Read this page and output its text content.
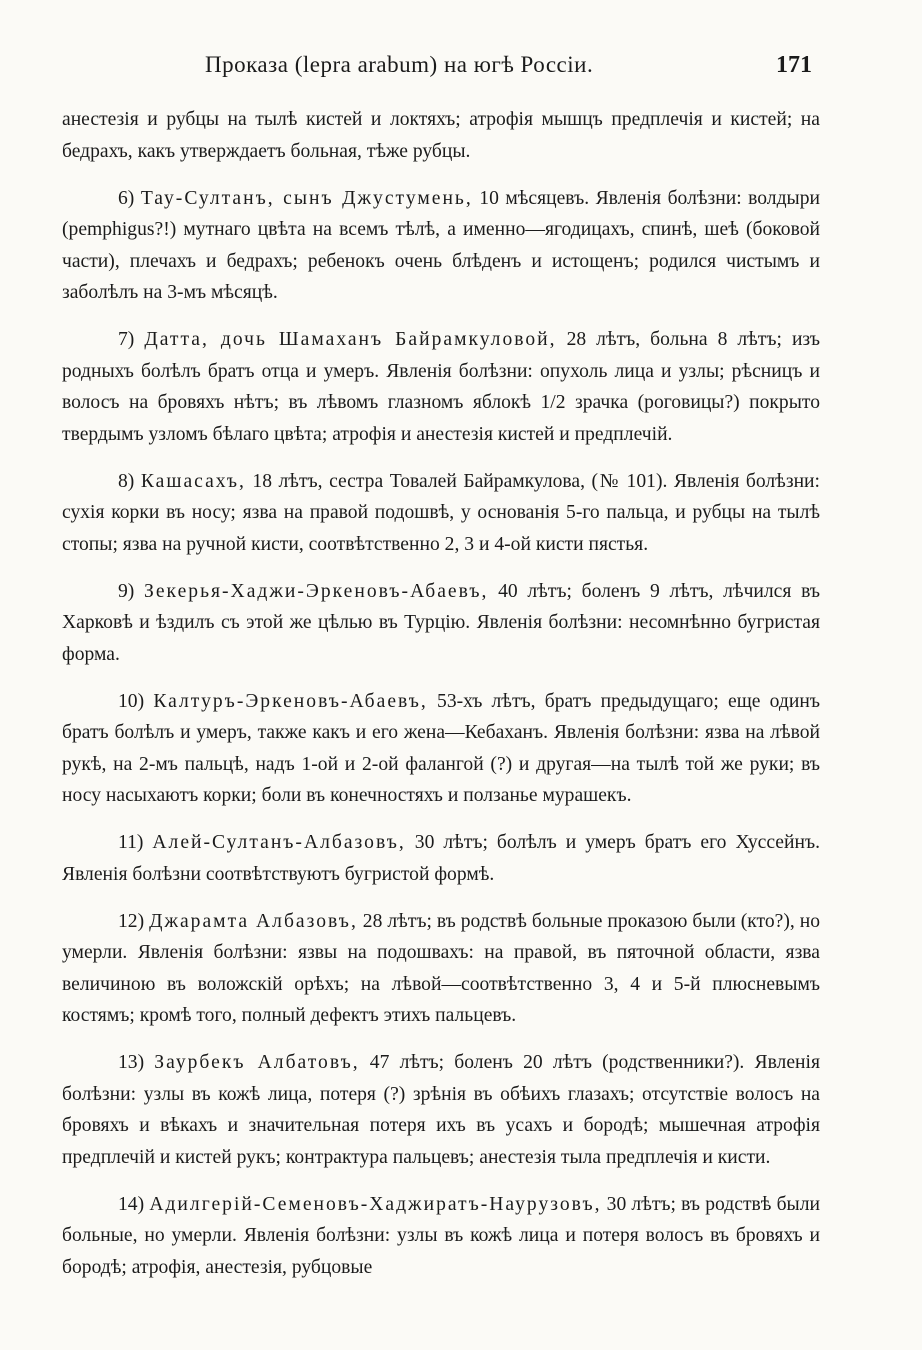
Проказа (lepra arabum) на югѣ Россіи.	171

анестезія и рубцы на тылѣ кистей и локтяхъ; атрофія мышцъ предплечія и кистей; на бедрахъ, какъ утверждаетъ больная, тѣже рубцы.

6) Тау-Султанъ, сынъ Джустумень, 10 мѣсяцевъ. Явленія болѣзни: волдыри (pemphigus?!) мутнаго цвѣта на всемъ тѣлѣ, а именно—ягодицахъ, спинѣ, шеѣ (боковой части), плечахъ и бедрахъ; ребенокъ очень блѣденъ и истощенъ; родился чистымъ и заболѣлъ на 3-мъ мѣсяцѣ.

7) Датта, дочь Шамаханъ Байрамкуловой, 28 лѣтъ, больна 8 лѣтъ; изъ родныхъ болѣлъ братъ отца и умеръ. Явленія болѣзни: опухоль лица и узлы; рѣсницъ и волосъ на бровяхъ нѣтъ; въ лѣвомъ глазномъ яблокѣ 1/2 зрачка (роговицы?) покрыто твердымъ узломъ бѣлаго цвѣта; атрофія и анестезія кистей и предплечій.

8) Кашасахъ, 18 лѣтъ, сестра Товалей Байрамкулова, (№ 101). Явленія болѣзни: сухія корки въ носу; язва на правой подошвѣ, у основанія 5-го пальца, и рубцы на тылѣ стопы; язва на ручной кисти, соотвѣтственно 2, 3 и 4-ой кисти пястья.

9) Зекерья-Хаджи-Эркеновъ-Абаевъ, 40 лѣтъ; боленъ 9 лѣтъ, лѣчился въ Харковѣ и ѣздилъ съ этой же цѣлью въ Турцію. Явленія болѣзни: несомнѣнно бугристая форма.

10) Калтуръ-Эркеновъ-Абаевъ, 53-хъ лѣтъ, братъ предыдущаго; еще одинъ братъ болѣлъ и умеръ, также какъ и его жена—Кебаханъ. Явленія болѣзни: язва на лѣвой рукѣ, на 2-мъ пальцѣ, надъ 1-ой и 2-ой фалангой (?) и другая—на тылѣ той же руки; въ носу насыхаютъ корки; боли въ конечностяхъ и ползанье мурашекъ.

11) Алей-Султанъ-Албазовъ, 30 лѣтъ; болѣлъ и умеръ братъ его Хуссейнъ. Явленія болѣзни соотвѣтствуютъ бугристой формѣ.

12) Джарамта Албазовъ, 28 лѣтъ; въ родствѣ больные проказою были (кто?), но умерли. Явленія болѣзни: язвы на подошвахъ: на правой, въ пяточной области, язва величиною въ воложскій орѣхъ; на лѣвой—соотвѣтственно 3, 4 и 5-й плюсневымъ костямъ; кромѣ того, полный дефектъ этихъ пальцевъ.

13) Заурбекъ Албатовъ, 47 лѣтъ; боленъ 20 лѣтъ (родственники?). Явленія болѣзни: узлы въ кожѣ лица, потеря (?) зрѣнія въ обѣихъ глазахъ; отсутствіе волосъ на бровяхъ и вѣкахъ и значительная потеря ихъ въ усахъ и бородѣ; мышечная атрофія предплечій и кистей рукъ; контрактура пальцевъ; анестезія тыла предплечія и кисти.

14) Адилгерій-Семеновъ-Хаджиратъ-Наурузовъ, 30 лѣтъ; въ родствѣ были больные, но умерли. Явленія болѣзни: узлы въ кожѣ лица и потеря волосъ въ бровяхъ и бородѣ; атрофія, анестезія, рубцовые
